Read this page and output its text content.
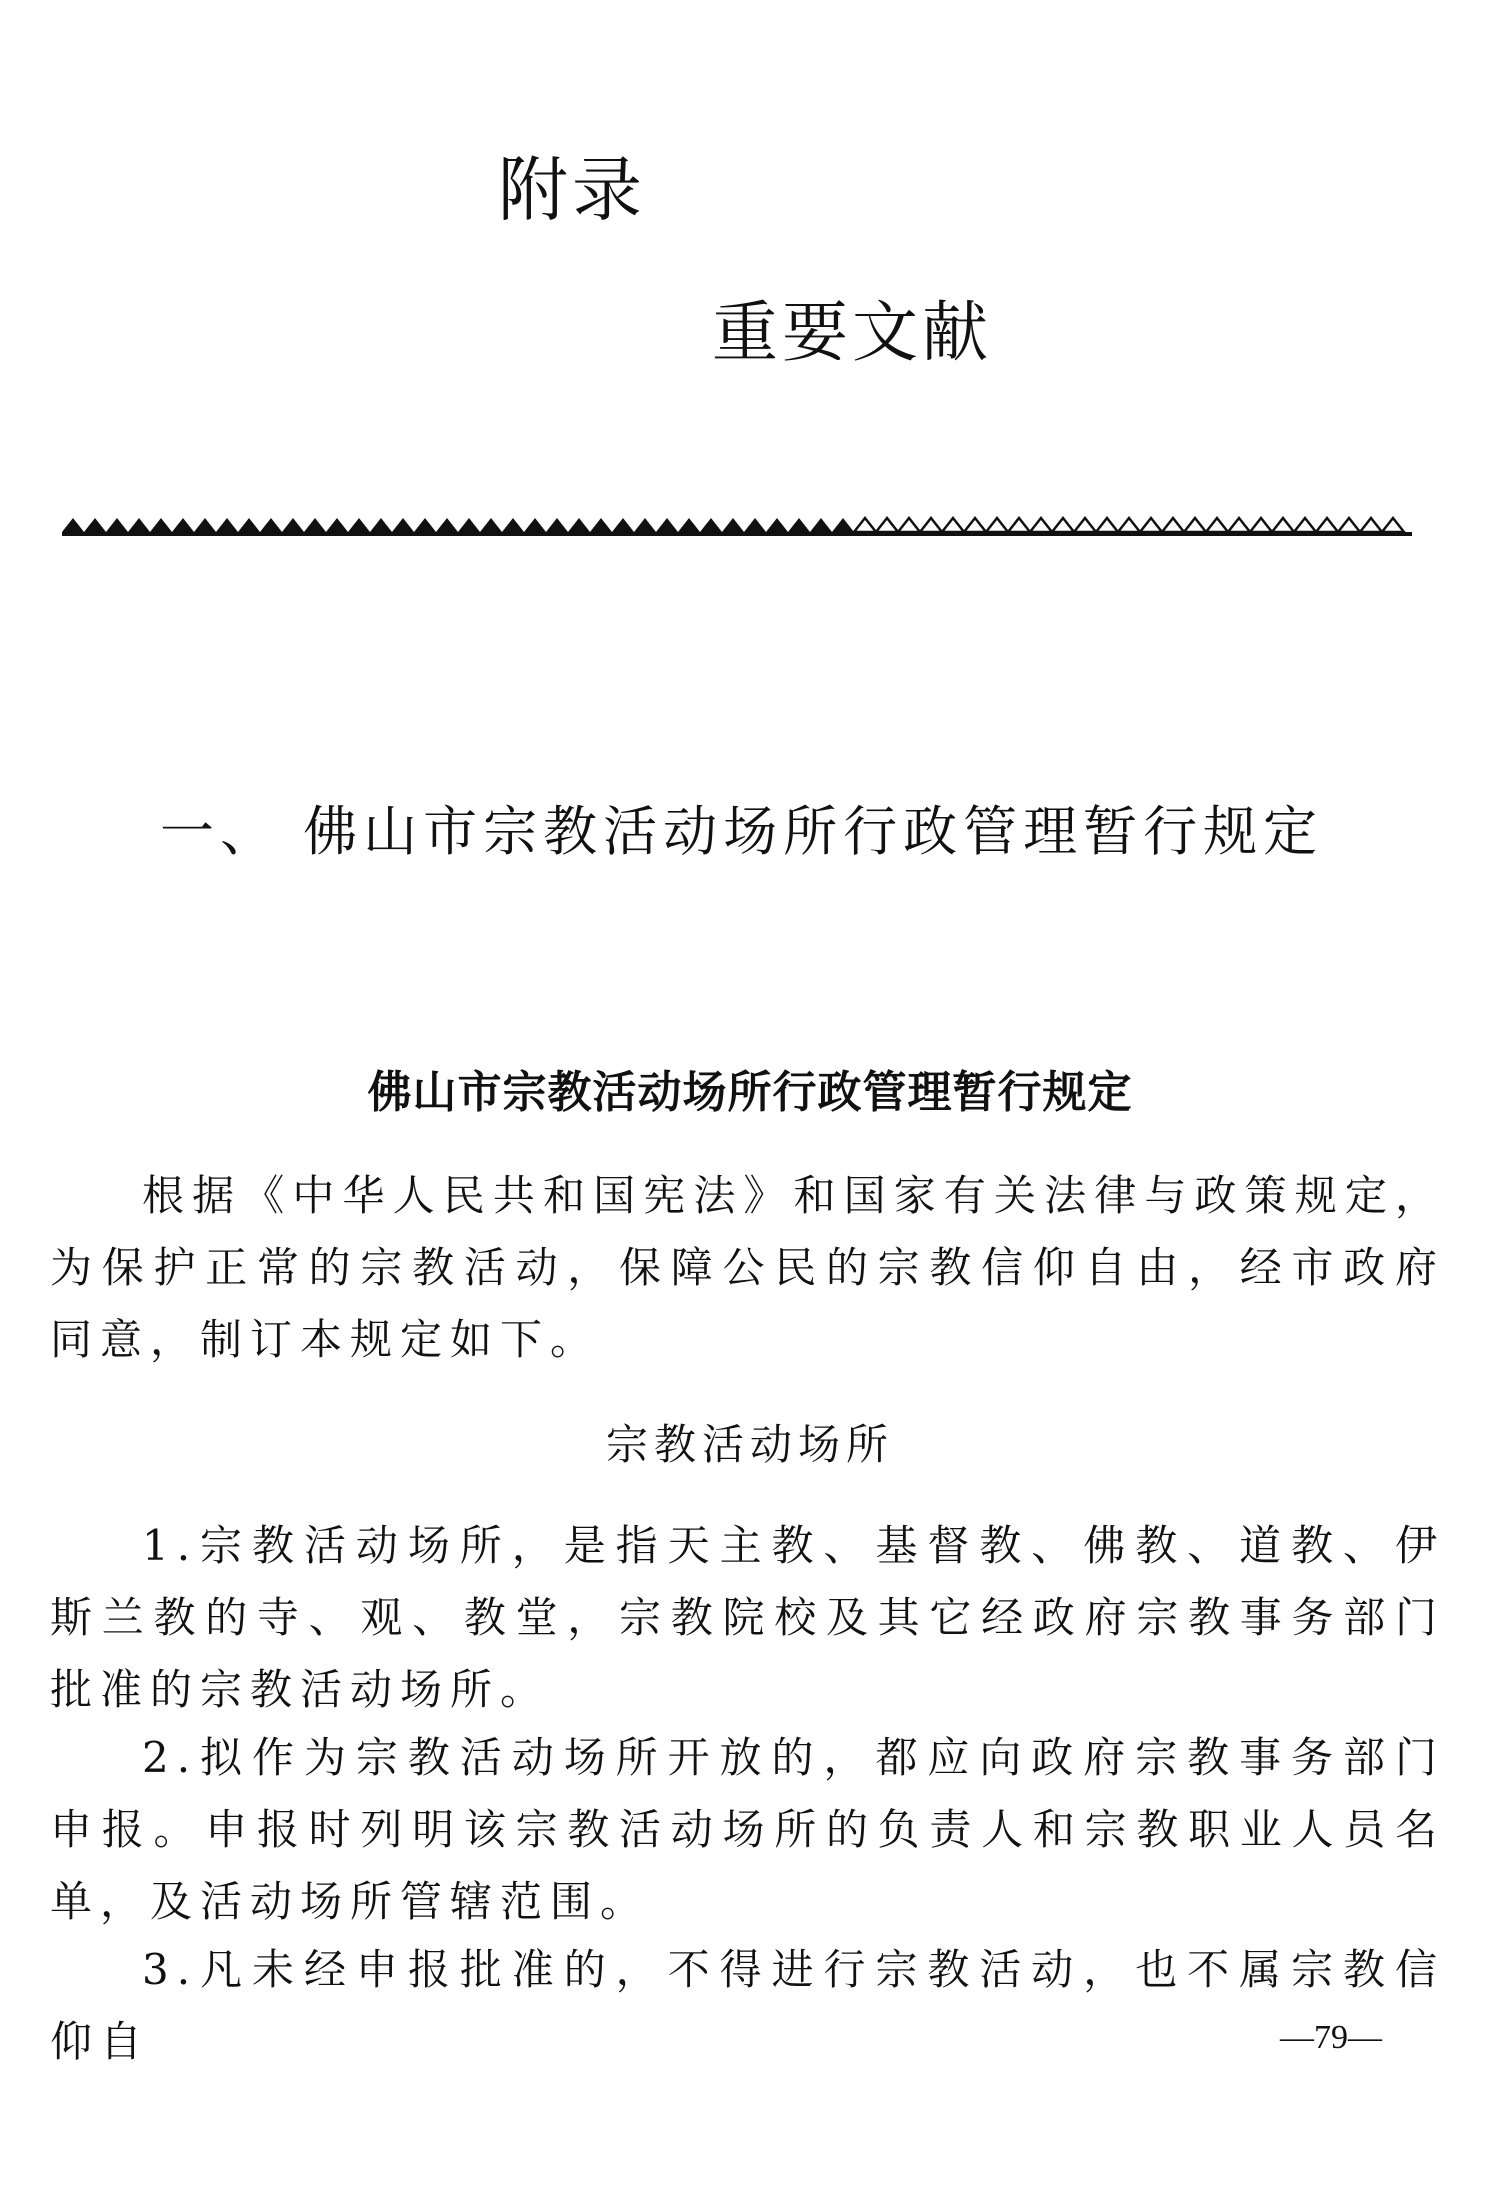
附录
重要文献
一、 佛山市宗教活动场所行政管理暂行规定
佛山市宗教活动场所行政管理暂行规定

根据《中华人民共和国宪法》和国家有关法律与政策规定，为保护正常的宗教活动，保障公民的宗教信仰自由，经市政府同意，制订本规定如下。

宗教活动场所

1.宗教活动场所，是指天主教、基督教、佛教、道教、伊斯兰教的寺、观、教堂，宗教院校及其它经政府宗教事务部门批准的宗教活动场所。

2.拟作为宗教活动场所开放的，都应向政府宗教事务部门申报。申报时列明该宗教活动场所的负责人和宗教职业人员名单，及活动场所管辖范围。

3.凡未经申报批准的，不得进行宗教活动，也不属宗教信仰自	—79—
